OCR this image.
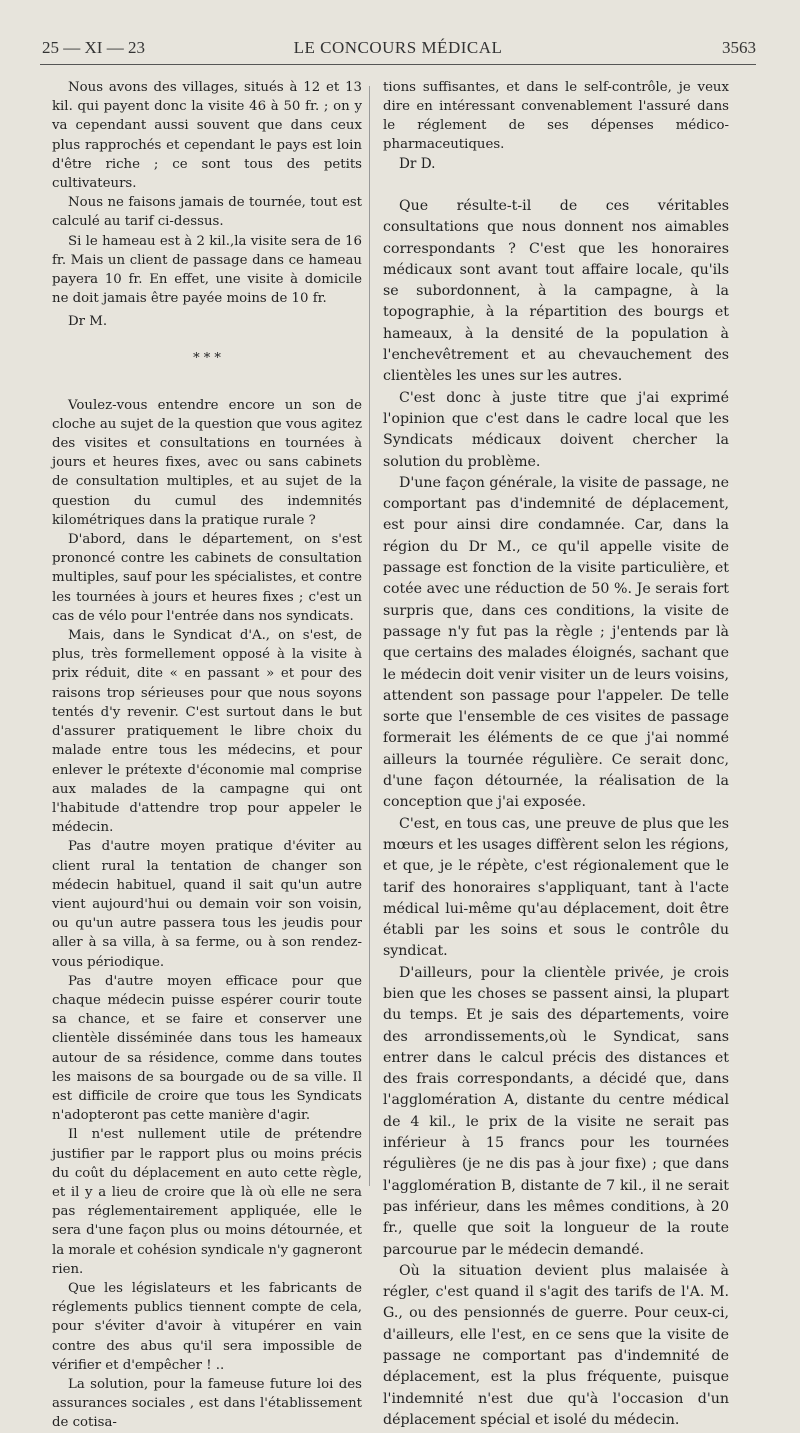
25 — XI — 23	LE CONCOURS MÉDICAL	3563

Nous avons des villages, situés à 12 et 13 kil. qui payent donc la visite 46 à 50 fr. ; on y va cependant aussi souvent que dans ceux plus rapprochés et cependant le pays est loin d'être riche ; ce sont tous des petits cultivateurs.

Nous ne faisons jamais de tournée, tout est calculé au tarif ci-dessus.

Si le hameau est à 2 kil.,la visite sera de 16 fr. Mais un client de passage dans ce hameau payera 10 fr. En effet, une visite à domicile ne doit jamais être payée moins de 10 fr.

Dr M.

* * *

Voulez-vous entendre encore un son de cloche au sujet de la question que vous agitez des visites et consultations en tournées à jours et heures fixes, avec ou sans cabinets de consultation multiples, et au sujet de la question du cumul des indemnités kilométriques dans la pratique rurale ?

D'abord, dans le département, on s'est prononcé contre les cabinets de consultation multiples, sauf pour les spécialistes, et contre les tournées à jours et heures fixes ; c'est un cas de vélo pour l'entrée dans nos syndicats.

Mais, dans le Syndicat d'A., on s'est, de plus, très formellement opposé à la visite à prix réduit, dite « en passant » et pour des raisons trop sérieuses pour que nous soyons tentés d'y revenir. C'est surtout dans le but d'assurer pratiquement le libre choix du malade entre tous les médecins, et pour enlever le prétexte d'économie mal comprise aux malades de la campagne qui ont l'habitude d'attendre trop pour appeler le médecin.

Pas d'autre moyen pratique d'éviter au client rural la tentation de changer son médecin habituel, quand il sait qu'un autre vient aujourd'hui ou demain voir son voisin, ou qu'un autre passera tous les jeudis pour aller à sa villa, à sa ferme, ou à son rendez-vous périodique.

Pas d'autre moyen efficace pour que chaque médecin puisse espérer courir toute sa chance, et se faire et conserver une clientèle disséminée dans tous les hameaux autour de sa résidence, comme dans toutes les maisons de sa bourgade ou de sa ville. Il est difficile de croire que tous les Syndicats n'adopteront pas cette manière d'agir.

Il n'est nullement utile de prétendre justifier par le rapport plus ou moins précis du coût du déplacement en auto cette règle, et il y a lieu de croire que là où elle ne sera pas réglementairement appliquée, elle le sera d'une façon plus ou moins détournée, et la morale et cohésion syndicale n'y gagneront rien.

Que les législateurs et les fabricants de réglements publics tiennent compte de cela, pour s'éviter d'avoir à vitupérer en vain contre des abus qu'il sera impossible de vérifier et d'empêcher ! ..

La solution, pour la fameuse future loi des assurances sociales , est dans l'établissement de cotisa-

tions suffisantes, et dans le self-contrôle, je veux dire en intéressant convenablement l'assuré dans le réglement de ses dépenses médico-pharmaceutiques.

Dr D.

Que résulte-t-il de ces véritables consultations que nous donnent nos aimables correspondants ? C'est que les honoraires médicaux sont avant tout affaire locale, qu'ils se subordonnent, à la campagne, à la topographie, à la répartition des bourgs et hameaux, à la densité de la population à l'enchevêtrement et au chevauchement des clientèles les unes sur les autres.

C'est donc à juste titre que j'ai exprimé l'opinion que c'est dans le cadre local que les Syndicats médicaux doivent chercher la solution du problème.

D'une façon générale, la visite de passage, ne comportant pas d'indemnité de déplacement, est pour ainsi dire condamnée. Car, dans la région du Dr M., ce qu'il appelle visite de passage est fonction de la visite particulière, et cotée avec une réduction de 50 %. Je serais fort surpris que, dans ces conditions, la visite de passage n'y fut pas la règle ; j'entends par là que certains des malades éloignés, sachant que le médecin doit venir visiter un de leurs voisins, attendent son passage pour l'appeler. De telle sorte que l'ensemble de ces visites de passage formerait les éléments de ce que j'ai nommé ailleurs la tournée régulière. Ce serait donc, d'une façon détournée, la réalisation de la conception que j'ai exposée.

C'est, en tous cas, une preuve de plus que les mœurs et les usages diffèrent selon les régions, et que, je le répète, c'est régionalement que le tarif des honoraires s'appliquant, tant à l'acte médical lui-même qu'au déplacement, doit être établi par les soins et sous le contrôle du syndicat.

D'ailleurs, pour la clientèle privée, je crois bien que les choses se passent ainsi, la plupart du temps. Et je sais des départements, voire des arrondissements,où le Syndicat, sans entrer dans le calcul précis des distances et des frais correspondants, a décidé que, dans l'agglomération A, distante du centre médical de 4 kil., le prix de la visite ne serait pas inférieur à 15 francs pour les tournées régulières (je ne dis pas à jour fixe) ; que dans l'agglomération B, distante de 7 kil., il ne serait pas inférieur, dans les mêmes conditions, à 20 fr., quelle que soit la longueur de la route parcourue par le médecin demandé.

Où la situation devient plus malaisée à régler, c'est quand il s'agit des tarifs de l'A. M. G., ou des pensionnés de guerre. Pour ceux-ci, d'ailleurs, elle l'est, en ce sens que la visite de passage ne comportant pas d'indemnité de déplacement, est la plus fréquente, puisque l'indemnité n'est due qu'à l'occasion d'un déplacement spécial et isolé du médecin.
